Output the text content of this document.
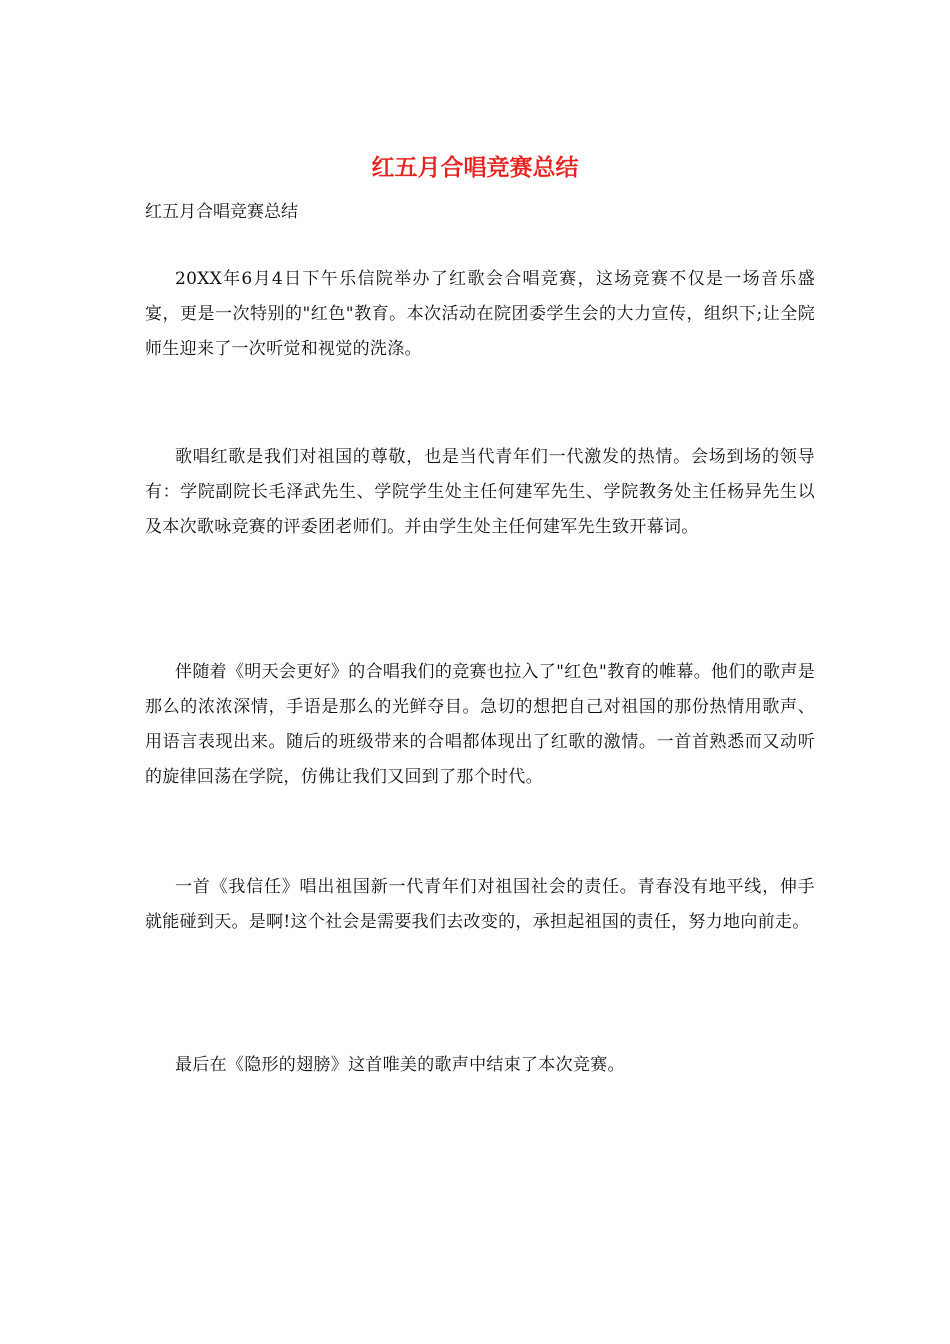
红五月合唱竞赛总结

红五月合唱竞赛总结

20XX年6月4日下午乐信院举办了红歌会合唱竞赛，这场竞赛不仅是一场音乐盛宴，更是一次特别的"红色"教育。本次活动在院团委学生会的大力宣传，组织下;让全院师生迎来了一次听觉和视觉的洗涤。

歌唱红歌是我们对祖国的尊敬，也是当代青年们一代激发的热情。会场到场的领导有：学院副院长毛泽武先生、学院学生处主任何建军先生、学院教务处主任杨异先生以及本次歌咏竞赛的评委团老师们。并由学生处主任何建军先生致开幕词。

伴随着《明天会更好》的合唱我们的竞赛也拉入了"红色"教育的帷幕。他们的歌声是那么的浓浓深情，手语是那么的光鲜夺目。急切的想把自己对祖国的那份热情用歌声、用语言表现出来。随后的班级带来的合唱都体现出了红歌的激情。一首首熟悉而又动听的旋律回荡在学院，仿佛让我们又回到了那个时代。

一首《我信任》唱出祖国新一代青年们对祖国社会的责任。青春没有地平线，伸手就能碰到天。是啊!这个社会是需要我们去改变的，承担起祖国的责任，努力地向前走。

最后在《隐形的翅膀》这首唯美的歌声中结束了本次竞赛。
